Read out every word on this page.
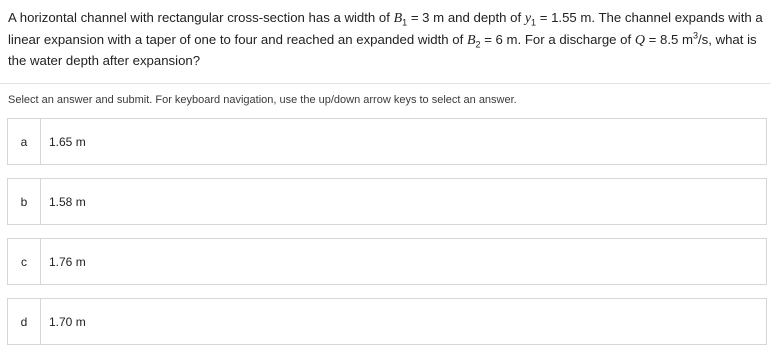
A horizontal channel with rectangular cross-section has a width of $B_1 = 3$ m and depth of $y_1 = 1.55$ m. The channel expands with a linear expansion with a taper of one to four and reached an expanded width of $B_2 = 6$ m. For a discharge of Q = 8.5 $m^3/s$, what is the water depth after expansion?
Select an answer and submit. For keyboard navigation, use the up/down arrow keys to select an answer.
a	1.65 m
b	1.58 m
c	1.76 m
d	1.70 m
